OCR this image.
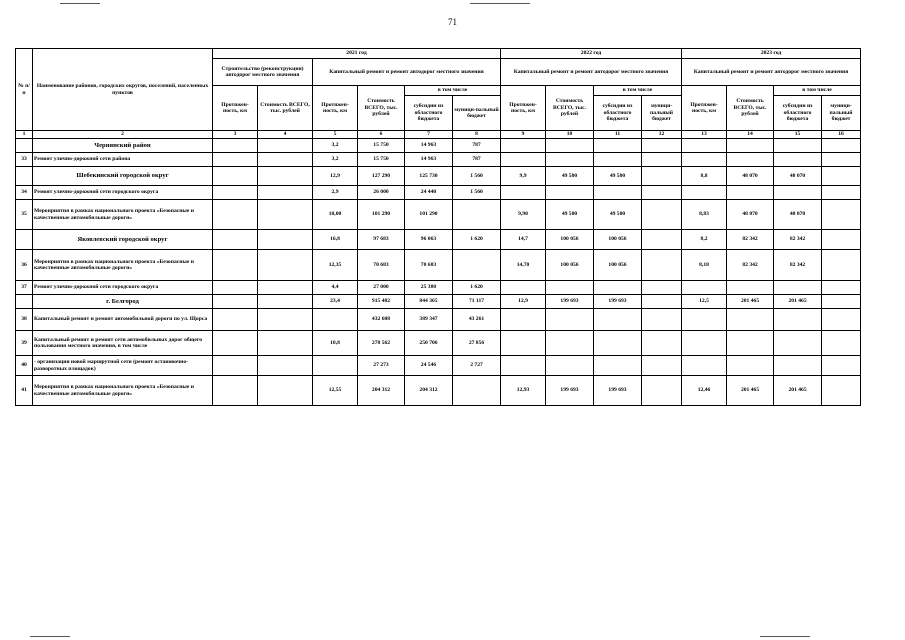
71
№ п/п	Наименование районов, городских округов, поселений, населенных пунктов	2021 год						2022 год				2023 год			
		Строительство (реконструкция) автодорог местного значения		Капитальный ремонт и ремонт автодорог местного значения				Капитальный ремонт и ремонт автодорог местного значения				Капитальный ремонт и ремонт автодорог местного значения			
		Протяжен-ность, км	Стоимость ВСЕГО, тыс. рублей	Протяжен-ность, км	Стоимость ВСЕГО, тыс. рублей	в том числе		Протяжен-ность, км	Стоимость ВСЕГО, тыс. рублей	в том числе		Протяжен-ность, км	Стоимость ВСЕГО, тыс. рублей	в том числе	
						субсидии из областного бюджета	муници-пальный бюджет			субсидии из областного бюджета	муници-пальный бюджет			субсидии из областного бюджета	муници-пальный бюджет
1	2	3	4	5	6	7	8	9	10	11	12	13	14	15	16
	Чернянский район			3,2	15 750	14 963	787								
33	Ремонт улично-дорожной сети района			3,2	15 750	14 963	787								
	Шебекинский городской округ			12,9	127 290	125 730	1 560	9,9	49 500	49 500		8,8	48 070	48 070	
34	Ремонт улично-дорожной сети городского округа			2,9	26 000	24 440	1 560								
35	Мероприятия в рамках национального проекта «Безопасные и качественные автомобильные дороги»			10,00	101 290	101 290		9,90	49 500	49 500		8,83	48 070	48 070	
	Яковлевский городской округ			16,8	97 683	96 063	1 620	14,7	100 056	100 056		8,2	82 342	82 342	
36	Мероприятия в рамках национального проекта «Безопасные и качественные автомобильные дороги»			12,35	70 683	70 683		14,70	100 056	100 056		8,18	82 342	82 342	
37	Ремонт улично-дорожной сети городского округа			4,4	27 000	25 380	1 620								
	г. Белгород			23,4	915 482	844 365	71 117	12,9	199 693	199 693		12,5	201 465	201 465	
38	Капитальный ремонт и ремонт автомобильной дороги по ул. Щорса				432 608	389 347	43 261								
39	Капитальный ремонт и ремонт сети автомобильных дорог общего пользования местного значения, в том числе			10,8	278 562	250 706	27 856								
40	- организация новой маршрутной сети (ремонт остановочно-разворотных площадок)				27 273	24 546	2 727								
41	Мероприятия в рамках национального проекта «Безопасные и качественные автомобильные дороги»			12,55	204 312	204 312		12,93	199 693	199 693		12,46	201 465	201 465	
